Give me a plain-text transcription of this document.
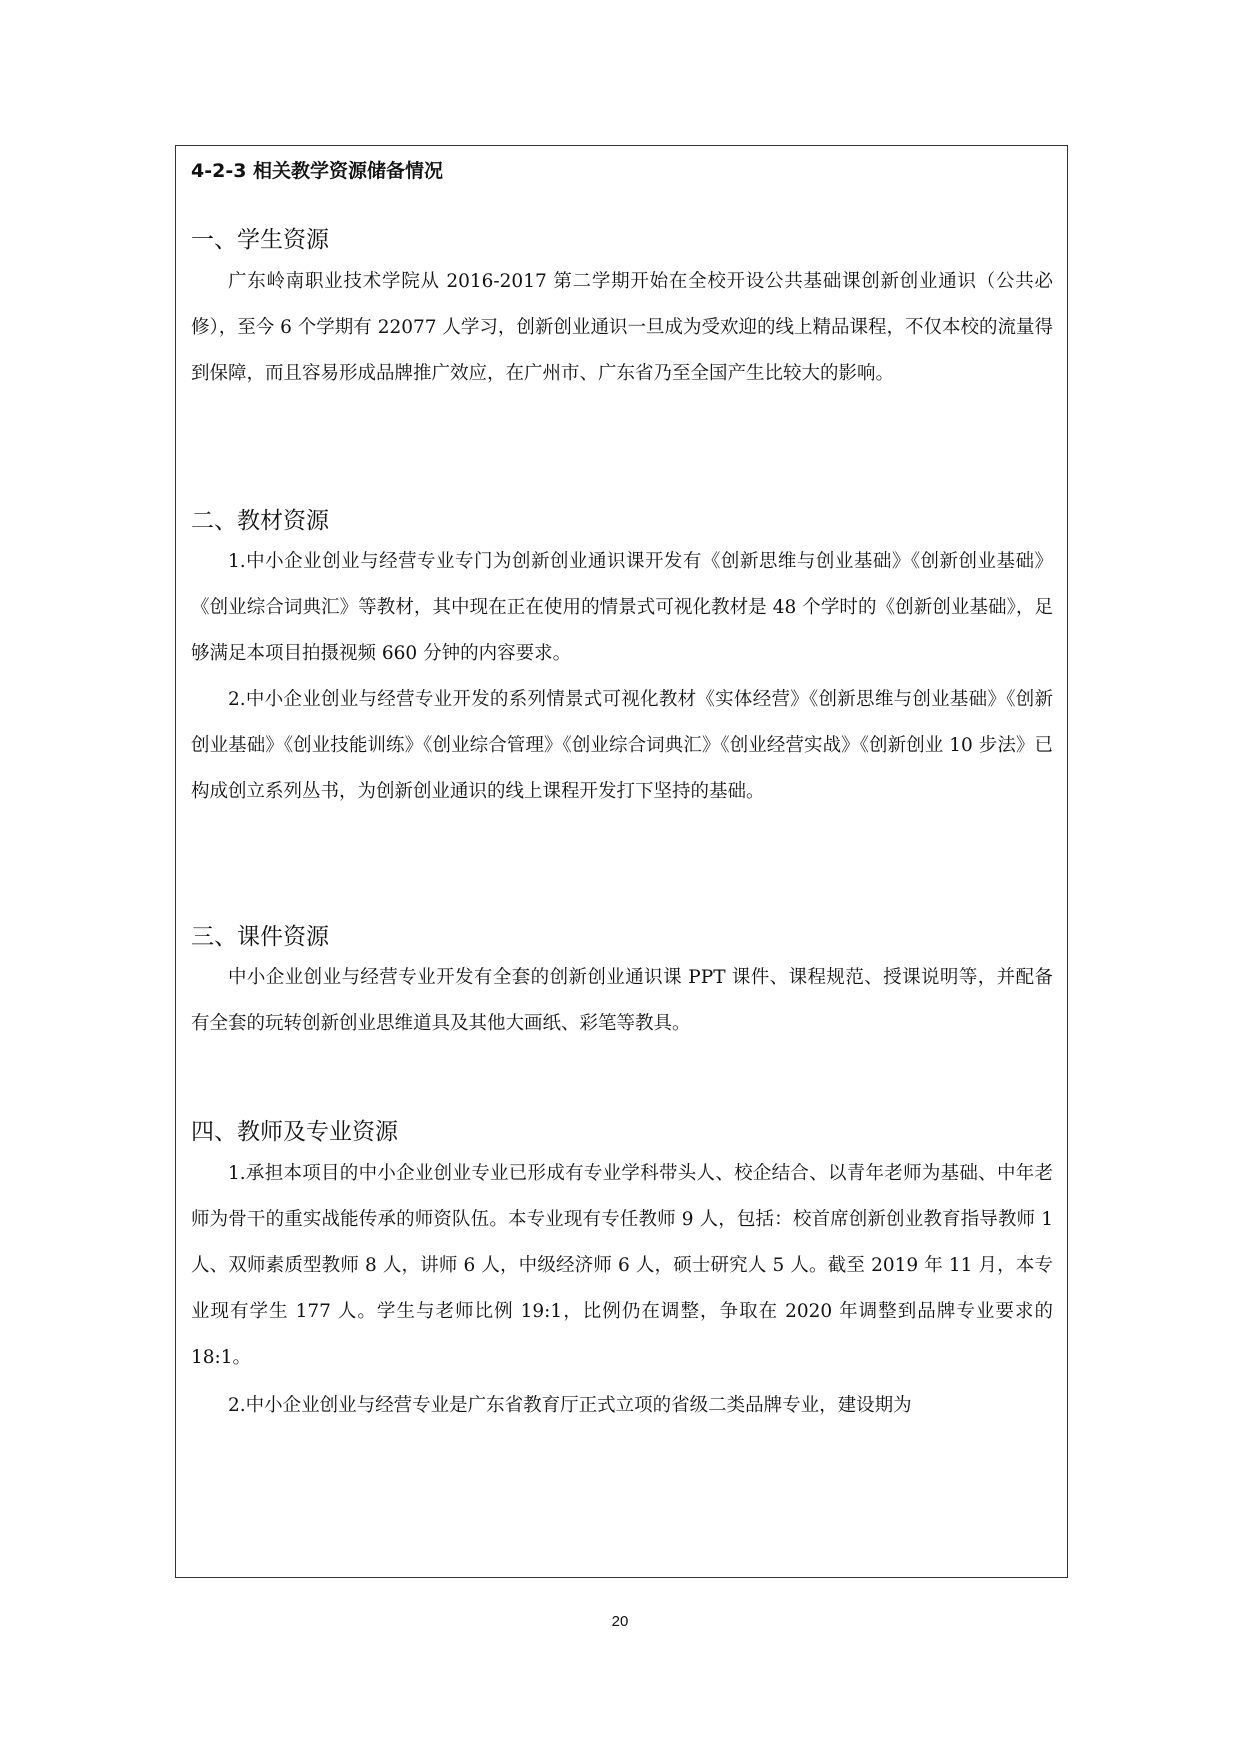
4-2-3 相关教学资源储备情况
一、学生资源

广东岭南职业技术学院从 2016-2017 第二学期开始在全校开设公共基础课创新创业通识（公共必修），至今 6 个学期有 22077 人学习，创新创业通识一旦成为受欢迎的线上精品课程，不仅本校的流量得到保障，而且容易形成品牌推广效应，在广州市、广东省乃至全国产生比较大的影响。

二、教材资源

1.中小企业创业与经营专业专门为创新创业通识课开发有《创新思维与创业基础》《创新创业基础》《创业综合词典汇》等教材，其中现在正在使用的情景式可视化教材是 48 个学时的《创新创业基础》，足够满足本项目拍摄视频 660 分钟的内容要求。

2.中小企业创业与经营专业开发的系列情景式可视化教材《实体经营》《创新思维与创业基础》《创新创业基础》《创业技能训练》《创业综合管理》《创业综合词典汇》《创业经营实战》《创新创业 10 步法》已构成创立系列丛书，为创新创业通识的线上课程开发打下坚持的基础。

三、课件资源

中小企业创业与经营专业开发有全套的创新创业通识课 PPT 课件、课程规范、授课说明等，并配备有全套的玩转创新创业思维道具及其他大画纸、彩笔等教具。

四、教师及专业资源

1.承担本项目的中小企业创业专业已形成有专业学科带头人、校企结合、以青年老师为基础、中年老师为骨干的重实战能传承的师资队伍。本专业现有专任教师 9 人，包括：校首席创新创业教育指导教师 1 人、双师素质型教师 8 人，讲师 6 人，中级经济师 6 人，硕士研究人 5 人。截至 2019 年 11 月，本专业现有学生 177 人。学生与老师比例 19:1，比例仍在调整，争取在 2020 年调整到品牌专业要求的 18:1。

2.中小企业创业与经营专业是广东省教育厅正式立项的省级二类品牌专业，建设期为

20
